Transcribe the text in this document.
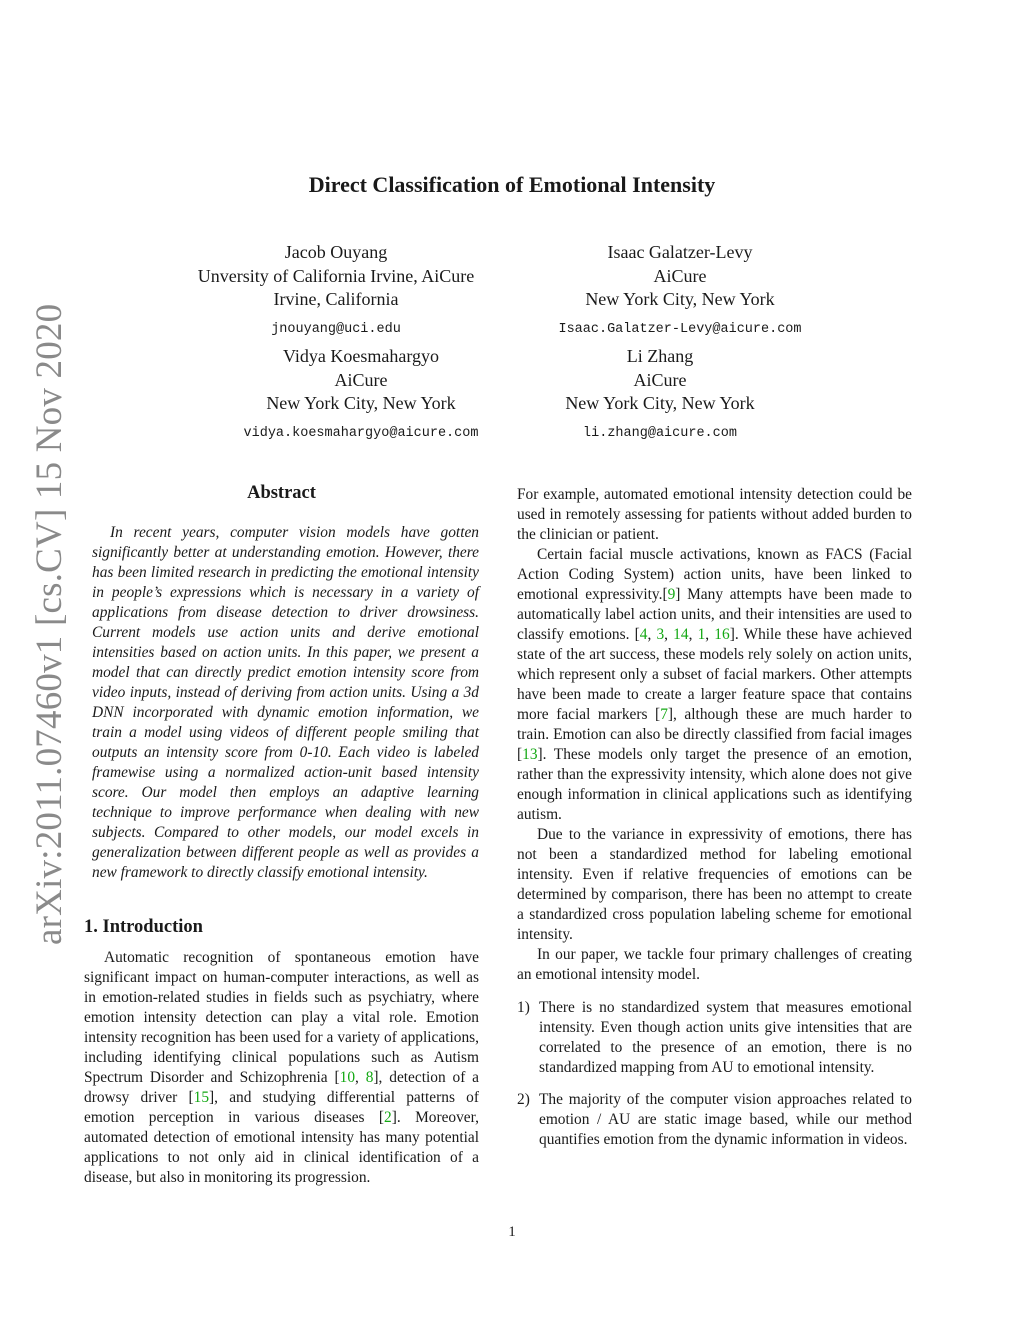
arXiv:2011.07460v1 [cs.CV] 15 Nov 2020
Direct Classification of Emotional Intensity
Jacob Ouyang
Unversity of California Irvine, AiCure
Irvine, California
jnouyang@uci.edu
Isaac Galatzer-Levy
AiCure
New York City, New York
Isaac.Galatzer-Levy@aicure.com
Vidya Koesmahargyo
AiCure
New York City, New York
vidya.koesmahargyo@aicure.com
Li Zhang
AiCure
New York City, New York
li.zhang@aicure.com
Abstract

In recent years, computer vision models have gotten significantly better at understanding emotion. However, there has been limited research in predicting the emotional intensity in people’s expressions which is necessary in a variety of applications from disease detection to driver drowsiness. Current models use action units and derive emotional intensities based on action units. In this paper, we present a model that can directly predict emotion intensity score from video inputs, instead of deriving from action units. Using a 3d DNN incorporated with dynamic emotion information, we train a model using videos of different people smiling that outputs an intensity score from 0-10. Each video is labeled framewise using a normalized action-unit based intensity score. Our model then employs an adaptive learning technique to improve performance when dealing with new subjects. Compared to other models, our model excels in generalization between different people as well as provides a new framework to directly classify emotional intensity.

1. Introduction

Automatic recognition of spontaneous emotion have significant impact on human-computer interactions, as well as in emotion-related studies in fields such as psychiatry, where emotion intensity detection can play a vital role. Emotion intensity recognition has been used for a variety of applications, including identifying clinical populations such as Autism Spectrum Disorder and Schizophrenia [10, 8], detection of a drowsy driver [15], and studying differential patterns of emotion perception in various diseases [2]. Moreover, automated detection of emotional intensity has many potential applications to not only aid in clinical identification of a disease, but also in monitoring its progression.

For example, automated emotional intensity detection could be used in remotely assessing for patients without added burden to the clinician or patient.

Certain facial muscle activations, known as FACS (Facial Action Coding System) action units, have been linked to emotional expressivity.[9] Many attempts have been made to automatically label action units, and their intensities are used to classify emotions. [4, 3, 14, 1, 16]. While these have achieved state of the art success, these models rely solely on action units, which represent only a subset of facial markers. Other attempts have been made to create a larger feature space that contains more facial markers [7], although these are much harder to train. Emotion can also be directly classified from facial images [13]. These models only target the presence of an emotion, rather than the expressivity intensity, which alone does not give enough information in clinical applications such as identifying autism.

Due to the variance in expressivity of emotions, there has not been a standardized method for labeling emotional intensity. Even if relative frequencies of emotions can be determined by comparison, there has been no attempt to create a standardized cross population labeling scheme for emotional intensity.

In our paper, we tackle four primary challenges of creating an emotional intensity model.

1) There is no standardized system that measures emotional intensity. Even though action units give intensities that are correlated to the presence of an emotion, there is no standardized mapping from AU to emotional intensity.
2) The majority of the computer vision approaches related to emotion / AU are static image based, while our method quantifies emotion from the dynamic information in videos.
1
